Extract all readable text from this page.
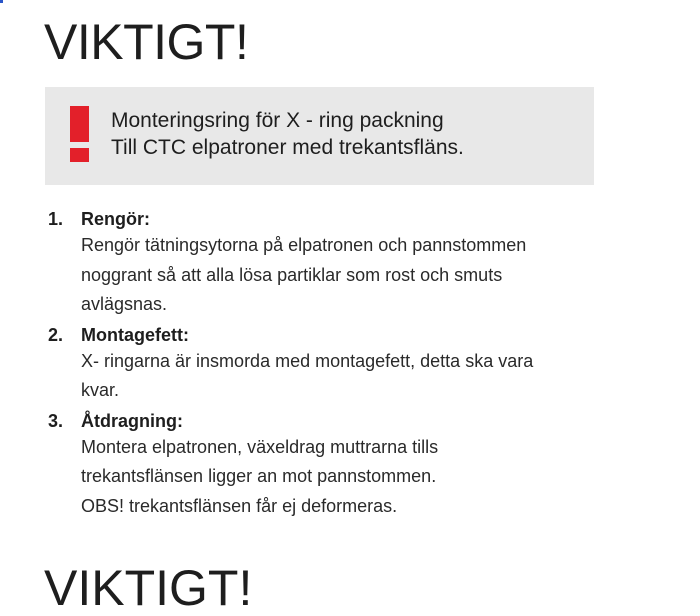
VIKTIGT!
Monteringsring för X - ring packning
Till CTC elpatroner med trekantsfläns.
1. Rengör:
Rengör tätningsytorna på elpatronen och pannstommen
noggrant så att alla lösa partiklar som rost och smuts
avlägsnas.
2. Montagefett:
X- ringarna är insmorda med montagefett, detta ska vara
kvar.
3. Åtdragning:
Montera elpatronen, växeldrag muttrarna tills
trekantsflänsen ligger an mot pannstommen.
OBS! trekantsflänsen får ej deformeras.
VIKTIGT!
